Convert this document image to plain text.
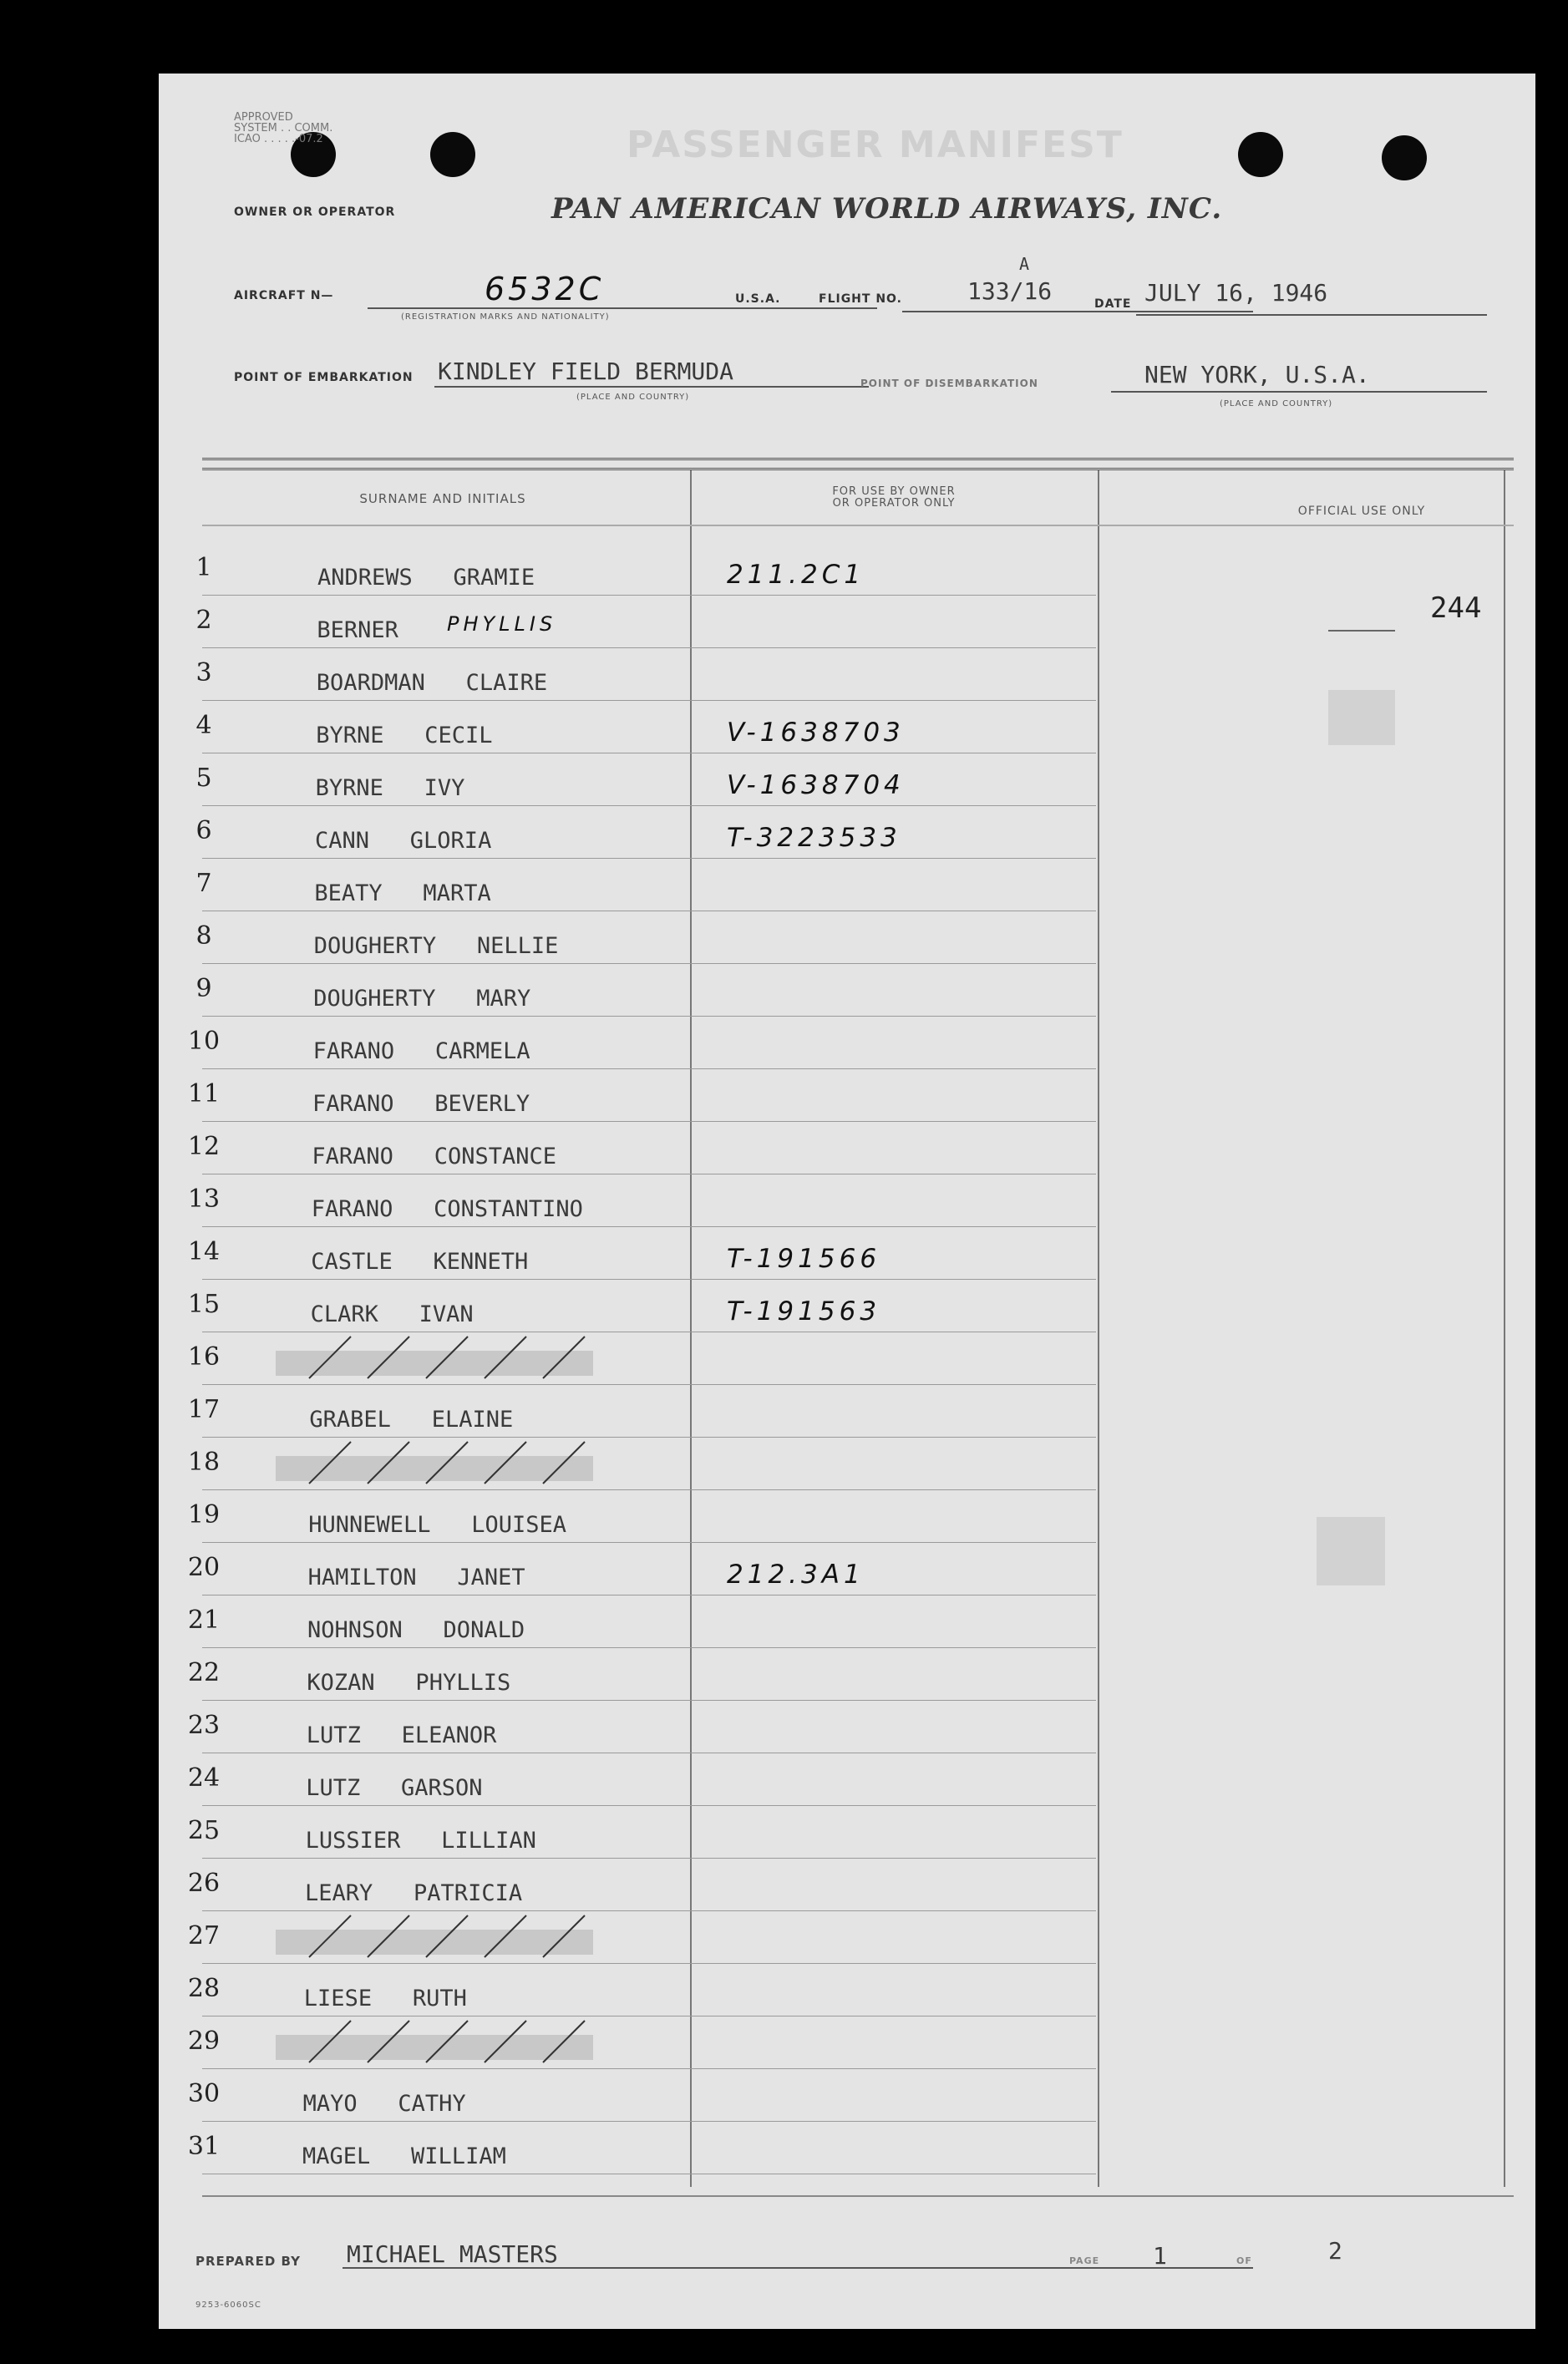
APPROVED
SYSTEM . . COMM.
ICAO . . . . .-07.2	PASSENGER MANIFEST
OWNER OR OPERATOR	PAN AMERICAN WORLD AIRWAYS, INC.
AIRCRAFT N—	6532C
(REGISTRATION MARKS AND NATIONALITY)
U.S.A.	FLIGHT NO.	133/16
A
DATE JULY 16, 1946
POINT OF EMBARKATION KINDLEY FIELD BERMUDA
(PLACE AND COUNTRY)
POINT OF DISEMBARKATION	NEW YORK, U.S.A.
(PLACE AND COUNTRY)
SURNAME AND INITIALS	FOR USE BY OWNER
OR OPERATOR ONLY
OFFICIAL USE ONLY
244
1	ANDREWS   GRAMIE	211.2C1
2	BERNER PHYLLIS
3	BOARDMAN   CLAIRE
4	BYRNE   CECIL	V-1638703
5	BYRNE   IVY	V-1638704
6	CANN   GLORIA	T-3223533
7	BEATY   MARTA
8	DOUGHERTY   NELLIE
9	DOUGHERTY   MARY
10	FARANO   CARMELA
11	FARANO   BEVERLY
12	FARANO   CONSTANCE
13	FARANO   CONSTANTINO
14	CASTLE   KENNETH	T-191566
15	CLARK   IVAN	T-191563
16
17	GRABEL   ELAINE
18
19	HUNNEWELL   LOUISEA
20	HAMILTON   JANET	212.3A1
21	NOHNSON   DONALD
22	KOZAN   PHYLLIS
23	LUTZ   ELEANOR
24	LUTZ   GARSON
25	LUSSIER   LILLIAN
26	LEARY   PATRICIA
27
28	LIESE   RUTH
29
30	MAYO   CATHY
31	MAGEL   WILLIAM
PREPARED BY MICHAEL MASTERS	PAGE 1	OF	2
9253-6060SC
